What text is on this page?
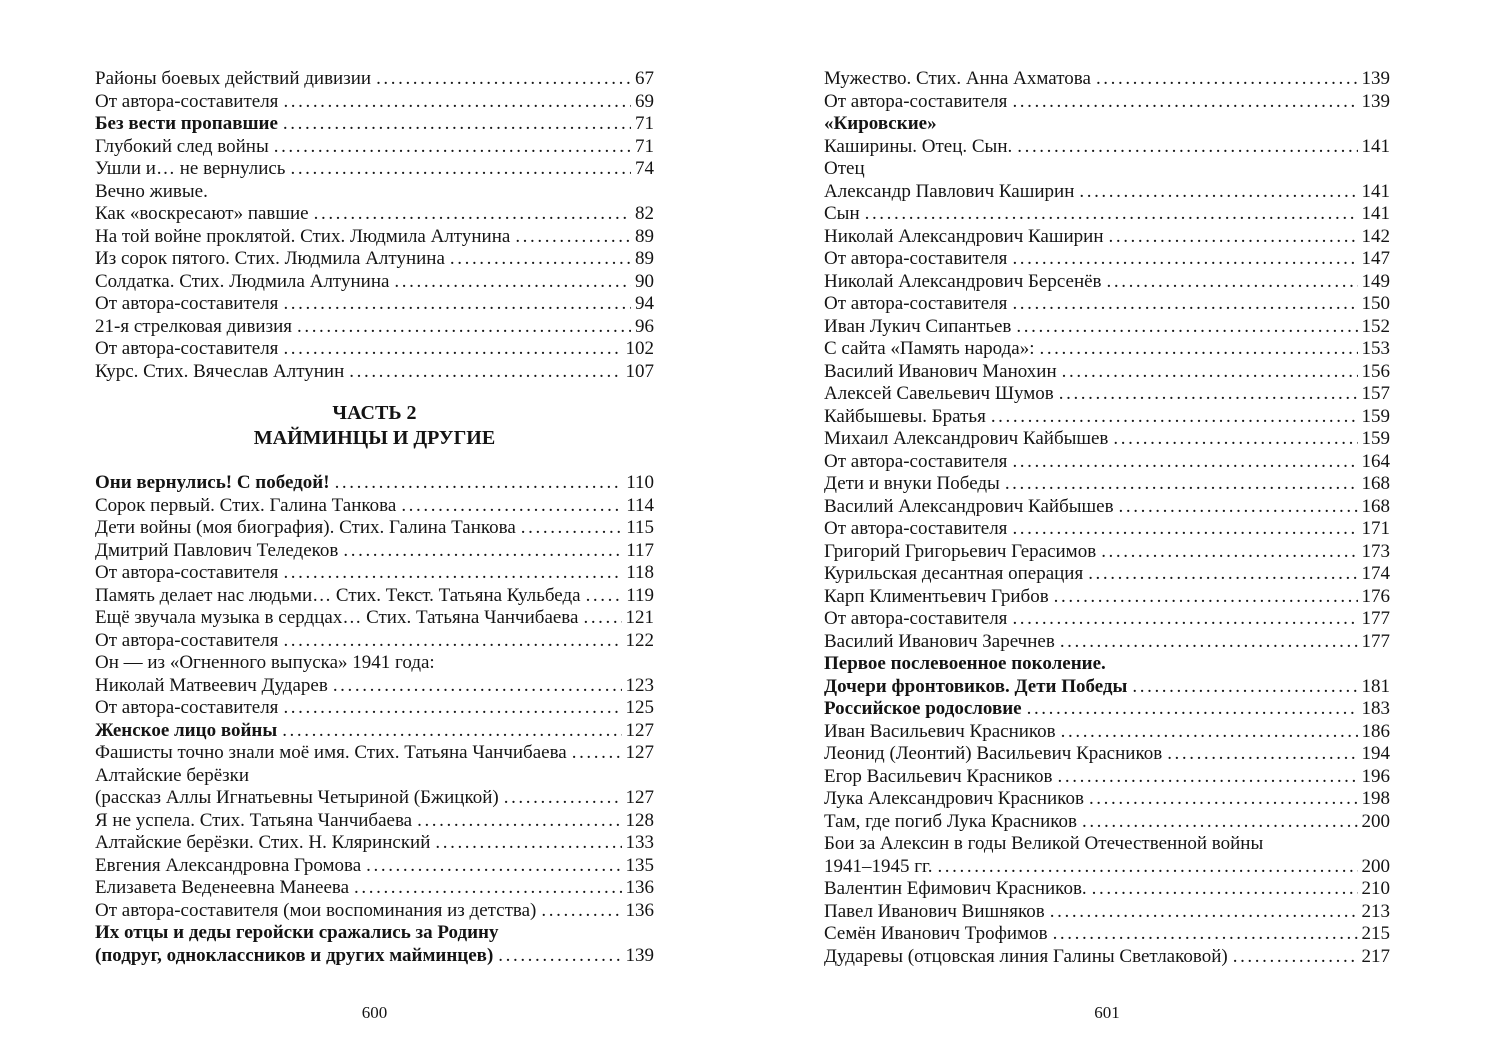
Районы боевых действий дивизии .....	67
От автора-составителя .....	69
Без вести пропавшие .....	71
Глубокий след войны .....	71
Ушли и… не вернулись .....	74
Вечно живые.
Как «воскресают» павшие .....	82
На той войне проклятой. Стих. Людмила Алтунина .....	89
Из сорок пятого. Стих. Людмила Алтунина .....	89
Солдатка. Стих. Людмила Алтунина .....	90
От автора-составителя .....	94
21-я стрелковая дивизия .....	96
От автора-составителя .....	102
Курс. Стих. Вячеслав Алтунин .....	107
ЧАСТЬ 2
МАЙМИНЦЫ И ДРУГИЕ
Они вернулись! С победой! .....	110
Сорок первый. Стих. Галина Танкова .....	114
Дети войны (моя биография). Стих. Галина Танкова .....	115
Дмитрий Павлович Теледеков .....	117
От автора-составителя .....	118
Память делает нас людьми… Стих. Текст. Татьяна Кульбеда ..... 119
Ещё звучала музыка в сердцах… Стих. Татьяна Чанчибаева ..... 121
От автора-составителя .....	122
Он — из «Огненного выпуска» 1941 года:
Николай Матвеевич Дударев .....	123
От автора-составителя .....	125
Женское лицо войны .....	127
Фашисты точно знали моё имя. Стих. Татьяна Чанчибаева .....	127
Алтайские берёзки
(рассказ Аллы Игнатьевны Четыриной (Бжицкой) .....	127
Я не успела. Стих. Татьяна Чанчибаева .....	128
Алтайские берёзки. Стих. Н. Кляринский .....	133
Евгения Александровна Громова .....	135
Елизавета Веденеевна Манеева .....	136
От автора-составителя (мои воспоминания из детства) .....	136
Их отцы и деды геройски сражались за Родину
(подруг, одноклассников и других майминцев) .....	139
600
Мужество. Стих. Анна Ахматова .....	139
От автора-составителя .....	139
«Кировские»
Каширины. Отец. Сын. .....	141
Отец
Александр Павлович Каширин .....	141
Сын .....	141
Николай Александрович Каширин .....	142
От автора-составителя .....	147
Николай Александрович Берсенёв .....	149
От автора-составителя .....	150
Иван Лукич Сипантьев .....	152
С сайта «Память народа»: .....	153
Василий Иванович Манохин .....	156
Алексей Савельевич Шумов .....	157
Кайбышевы. Братья .....	159
Михаил Александрович Кайбышев .....	159
От автора-составителя .....	164
Дети и внуки Победы .....	168
Василий Александрович Кайбышев .....	168
От автора-составителя .....	171
Григорий Григорьевич Герасимов .....	173
Курильская десантная операция .....	174
Карп Климентьевич Грибов .....	176
От автора-составителя .....	177
Василий Иванович Заречнев .....	177
Первое послевоенное поколение.
Дочери фронтовиков. Дети Победы .....	181
Российское родословие .....	183
Иван Васильевич Красников .....	186
Леонид (Леонтий) Васильевич Красников .....	194
Егор Васильевич Красников .....	196
Лука Александрович Красников .....	198
Там, где погиб Лука Красников .....	200
Бои за Алексин в годы Великой Отечественной войны
1941–1945 гг. .....	200
Валентин Ефимович Красников. .....	210
Павел Иванович Вишняков .....	213
Семён Иванович Трофимов .....	215
Дударевы (отцовская линия Галины Светлаковой) .....	217
601
